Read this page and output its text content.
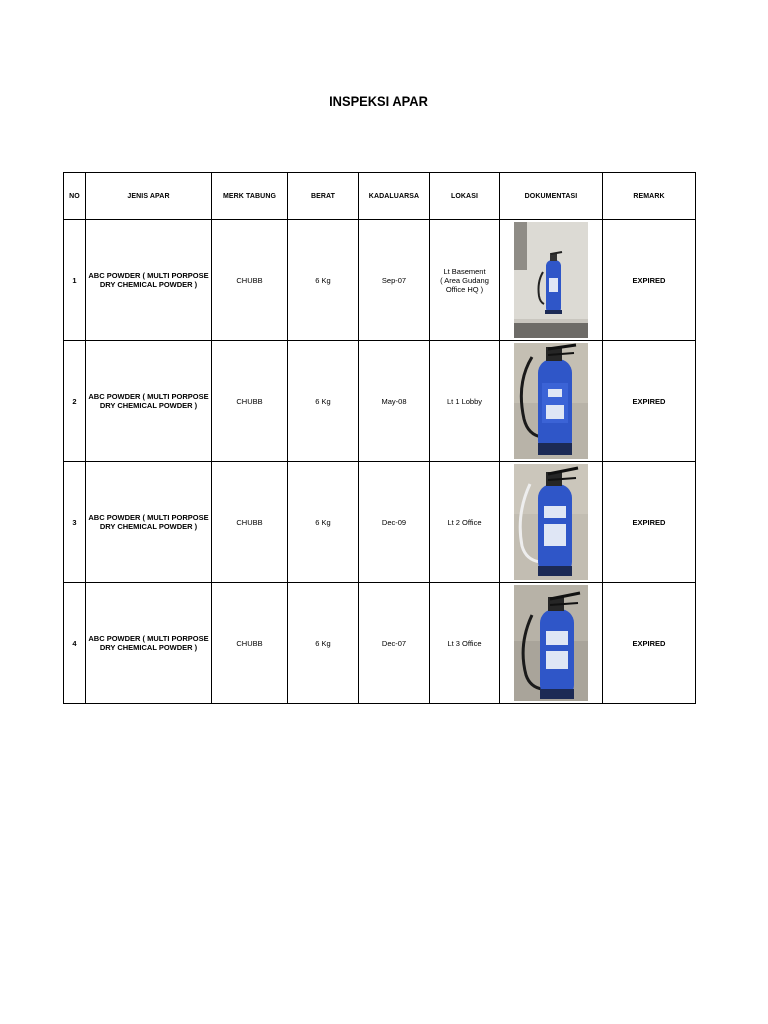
INSPEKSI APAR
NO	JENIS APAR	MERK TABUNG	BERAT	KADALUARSA	LOKASI	DOKUMENTASI	REMARK
1	ABC POWDER ( MULTI PORPOSE
DRY CHEMICAL POWDER )	CHUBB	6 Kg	Sep-07	Lt Basement
( Area Gudang
Office HQ )		EXPIRED
2	ABC POWDER ( MULTI PORPOSE
DRY CHEMICAL POWDER )	CHUBB	6 Kg	May-08	Lt 1 Lobby		EXPIRED
3	ABC POWDER ( MULTI PORPOSE
DRY CHEMICAL POWDER )	CHUBB	6 Kg	Dec-09	Lt 2 Office		EXPIRED
4	ABC POWDER ( MULTI PORPOSE
DRY CHEMICAL POWDER )	CHUBB	6 Kg	Dec-07	Lt 3 Office		EXPIRED
